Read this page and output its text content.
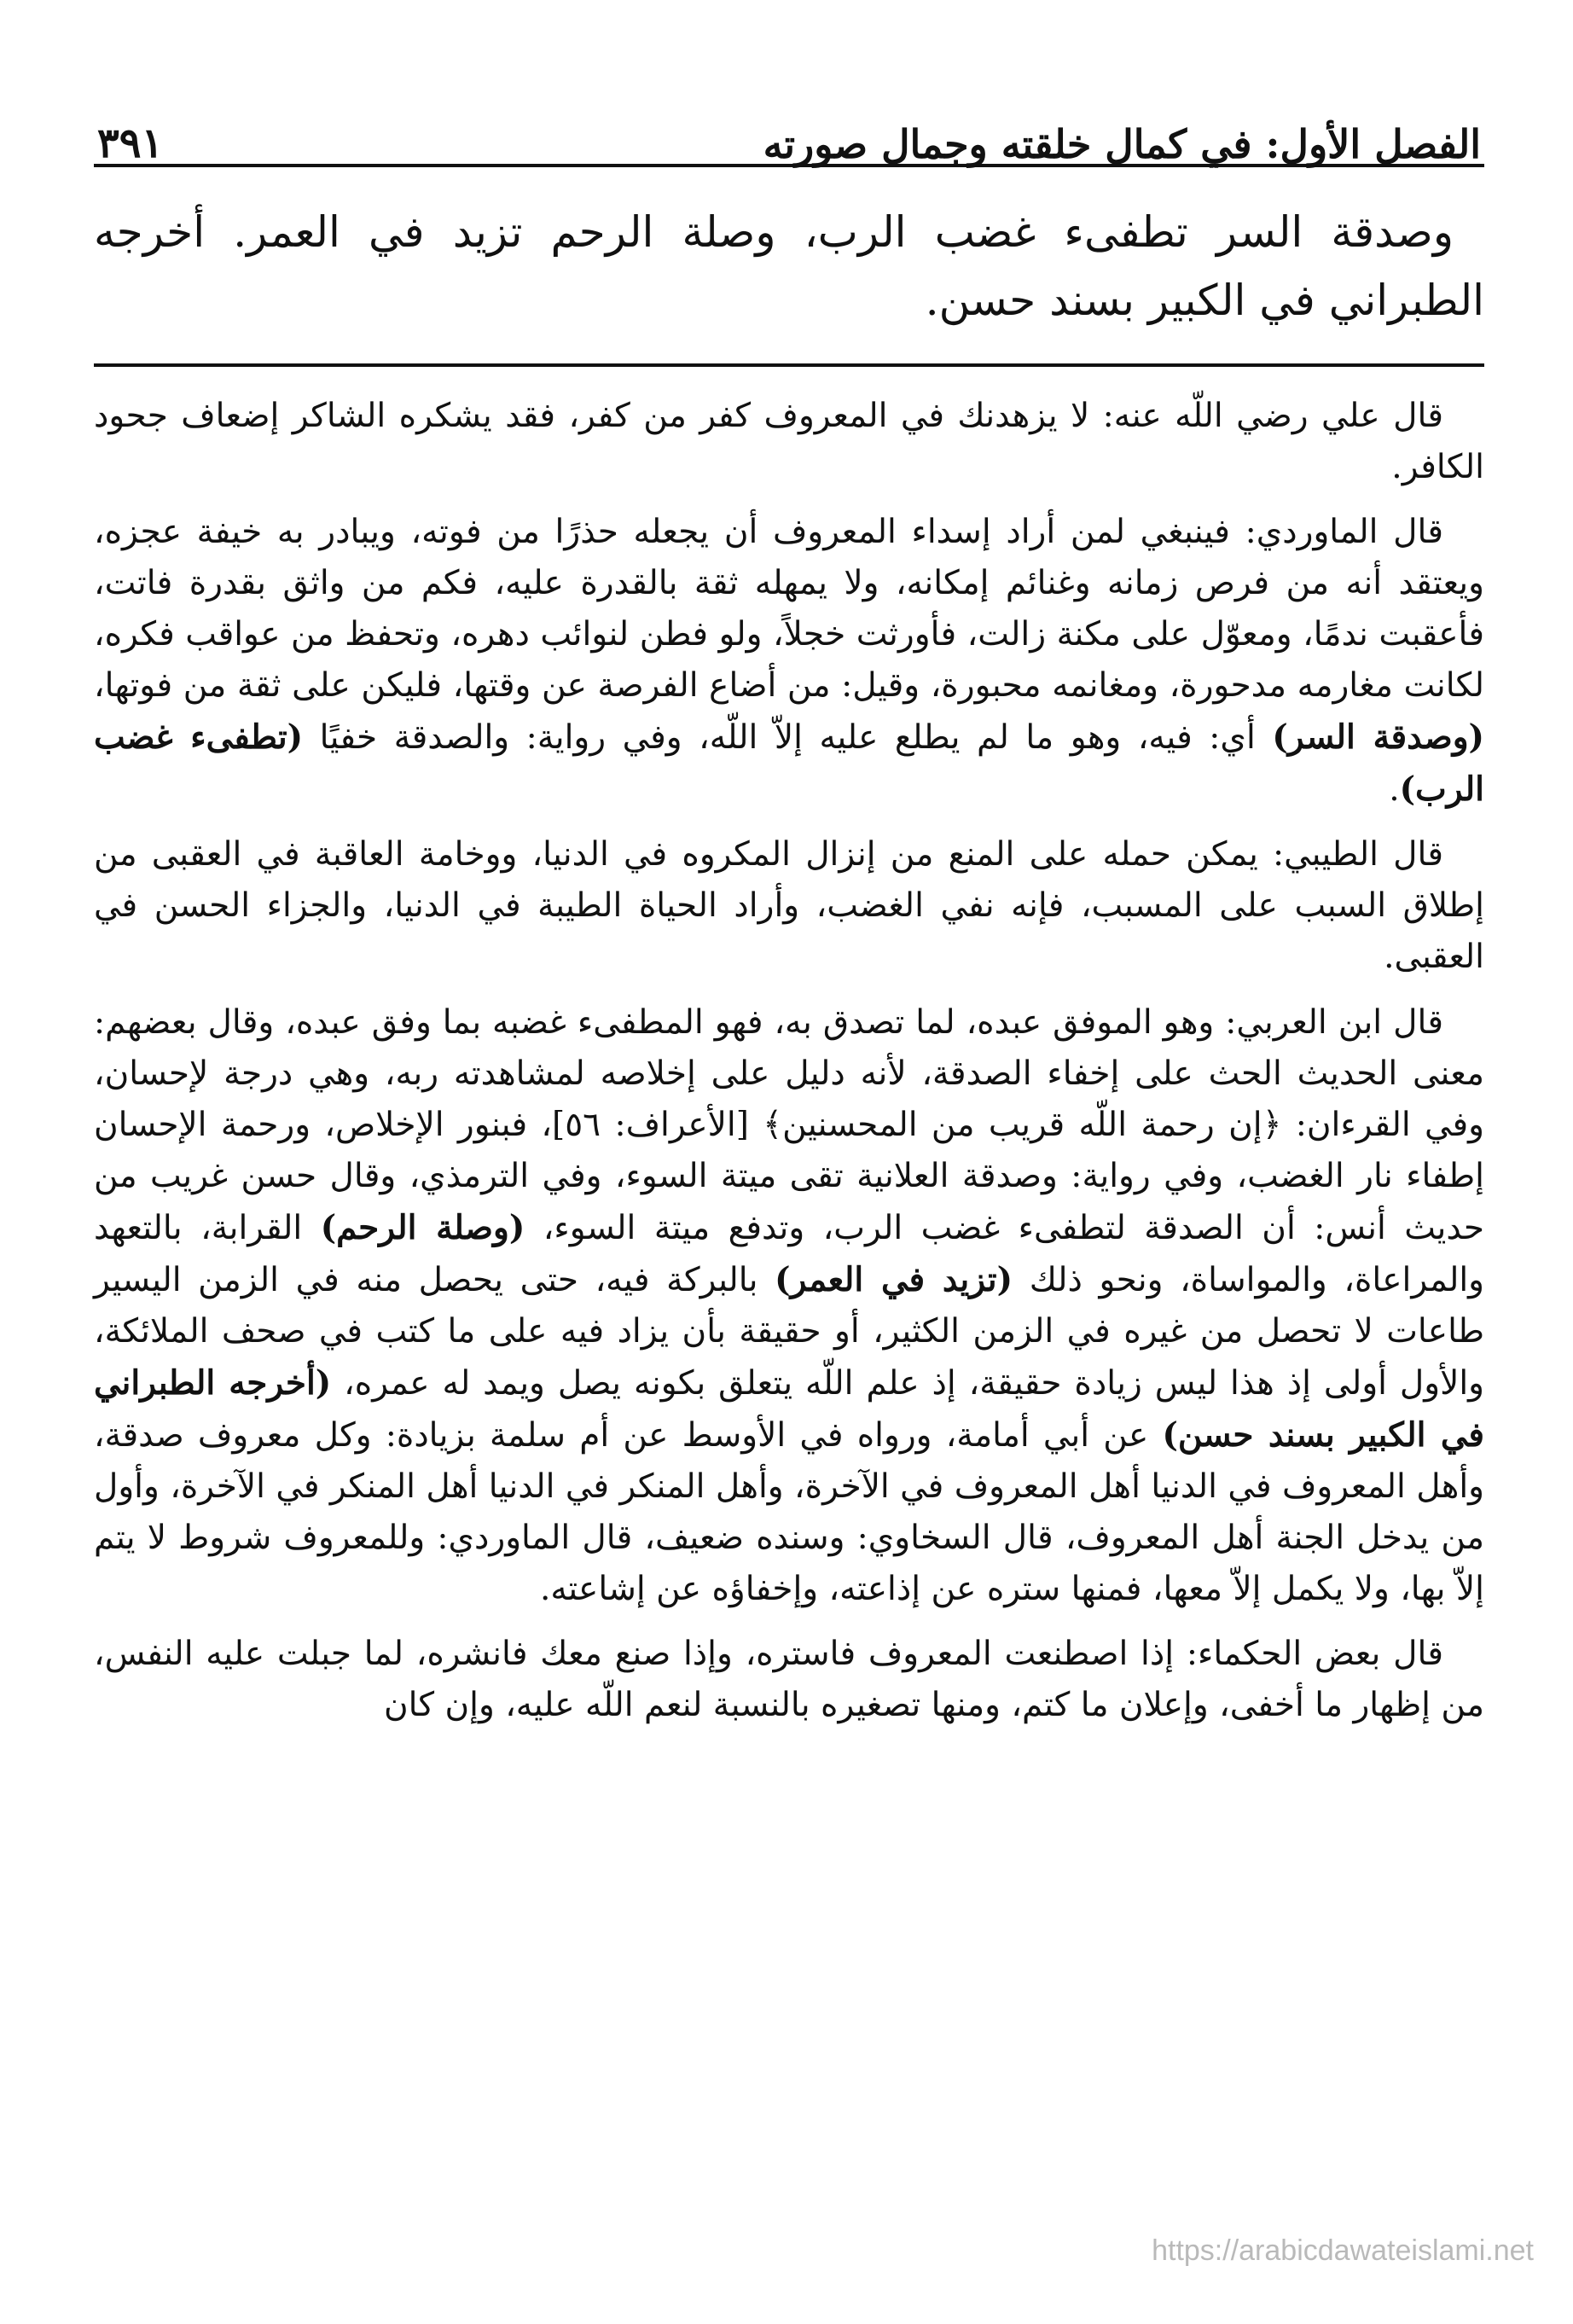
الفصل الأول: في كمال خلقته وجمال صورته
٣٩١
وصدقة السر تطفىء غضب الرب، وصلة الرحم تزيد في العمر. أخرجه الطبراني في الكبير بسند حسن.

قال علي رضي اللّه عنه: لا يزهدنك في المعروف كفر من كفر، فقد يشكره الشاكر إضعاف جحود الكافر.

قال الماوردي: فينبغي لمن أراد إسداء المعروف أن يجعله حذرًا من فوته، ويبادر به خيفة عجزه، ويعتقد أنه من فرص زمانه وغنائم إمكانه، ولا يمهله ثقة بالقدرة عليه، فكم من واثق بقدرة فاتت، فأعقبت ندمًا، ومعوّل على مكنة زالت، فأورثت خجلاً، ولو فطن لنوائب دهره، وتحفظ من عواقب فكره، لكانت مغارمه مدحورة، ومغانمه محبورة، وقيل: من أضاع الفرصة عن وقتها، فليكن على ثقة من فوتها، (وصدقة السر) أي: فيه، وهو ما لم يطلع عليه إلاّ اللّه، وفي رواية: والصدقة خفيًا (تطفىء غضب الرب).

قال الطيبي: يمكن حمله على المنع من إنزال المكروه في الدنيا، ووخامة العاقبة في العقبى من إطلاق السبب على المسبب، فإنه نفي الغضب، وأراد الحياة الطيبة في الدنيا، والجزاء الحسن في العقبى.

قال ابن العربي: وهو الموفق عبده، لما تصدق به، فهو المطفىء غضبه بما وفق عبده، وقال بعضهم: معنى الحديث الحث على إخفاء الصدقة، لأنه دليل على إخلاصه لمشاهدته ربه، وهي درجة لإحسان، وفي القرءان: ﴿إن رحمة اللّه قريب من المحسنين﴾ [الأعراف: ٥٦]، فبنور الإخلاص، ورحمة الإحسان إطفاء نار الغضب، وفي رواية: وصدقة العلانية تقى ميتة السوء، وفي الترمذي، وقال حسن غريب من حديث أنس: أن الصدقة لتطفىء غضب الرب، وتدفع ميتة السوء، (وصلة الرحم) القرابة، بالتعهد والمراعاة، والمواساة، ونحو ذلك (تزيد في العمر) بالبركة فيه، حتى يحصل منه في الزمن اليسير طاعات لا تحصل من غيره في الزمن الكثير، أو حقيقة بأن يزاد فيه على ما كتب في صحف الملائكة، والأول أولى إذ هذا ليس زيادة حقيقة، إذ علم اللّه يتعلق بكونه يصل ويمد له عمره، (أخرجه الطبراني في الكبير بسند حسن) عن أبي أمامة، ورواه في الأوسط عن أم سلمة بزيادة: وكل معروف صدقة، وأهل المعروف في الدنيا أهل المعروف في الآخرة، وأهل المنكر في الدنيا أهل المنكر في الآخرة، وأول من يدخل الجنة أهل المعروف، قال السخاوي: وسنده ضعيف، قال الماوردي: وللمعروف شروط لا يتم إلاّ بها، ولا يكمل إلاّ معها، فمنها ستره عن إذاعته، وإخفاؤه عن إشاعته.

قال بعض الحكماء: إذا اصطنعت المعروف فاستره، وإذا صنع معك فانشره، لما جبلت عليه النفس، من إظهار ما أخفى، وإعلان ما كتم، ومنها تصغيره بالنسبة لنعم اللّه عليه، وإن كان

https://arabicdawateislami.net
